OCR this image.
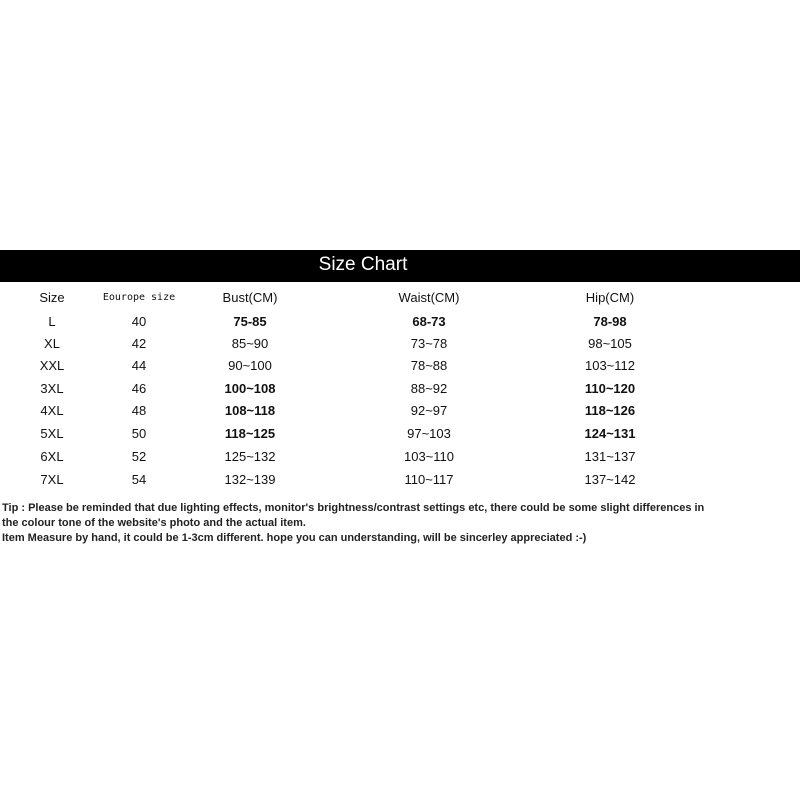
Size Chart
Size	Eourope size	Bust(CM)	Waist(CM)	Hip(CM)
L	40	75-85	68-73	78-98
XL	42	85~90	73~78	98~105
XXL	44	90~100	78~88	103~112
3XL	46	100~108	88~92	110~120
4XL	48	108~118	92~97	118~126
5XL	50	118~125	97~103	124~131
6XL	52	125~132	103~110	131~137
7XL	54	132~139	110~117	137~142
Tip : Please be reminded that due lighting effects, monitor's brightness/contrast settings etc, there could be some slight differences in
the colour tone of the website's photo and the actual item.
Item Measure by hand, it could be 1-3cm different. hope you can understanding, will be sincerley appreciated :-)
